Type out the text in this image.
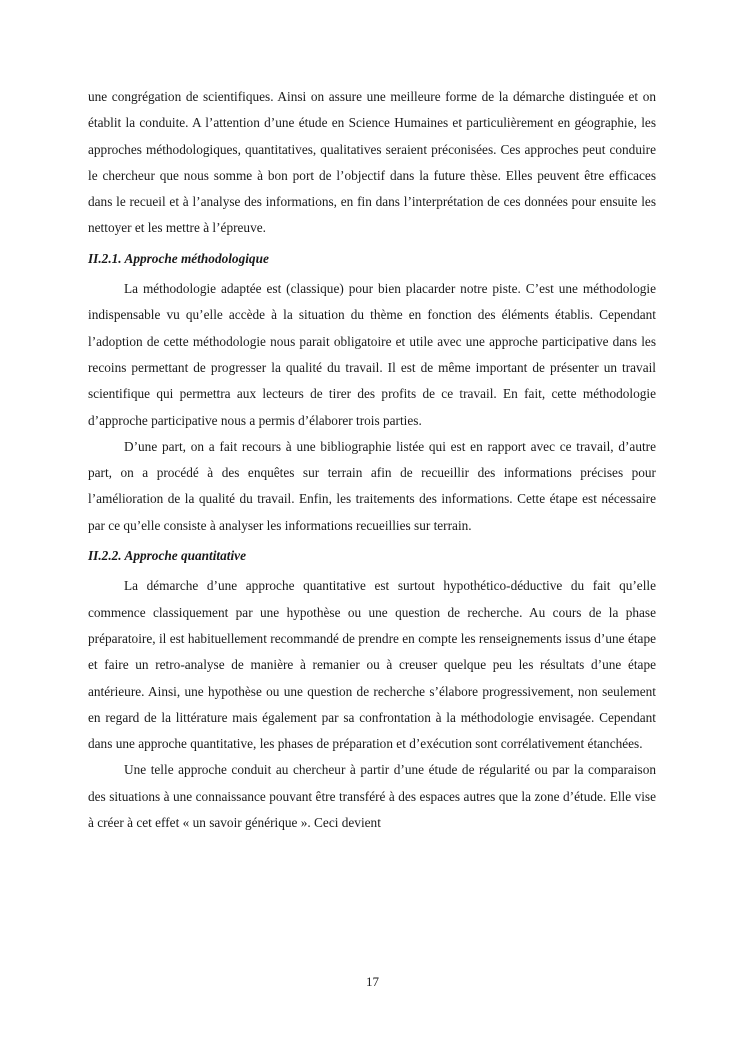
une congrégation de scientifiques. Ainsi on assure une meilleure forme de la démarche distinguée et on établit la conduite. A l’attention d’une étude en Science Humaines et particulièrement en géographie, les approches méthodologiques, quantitatives, qualitatives seraient préconisées. Ces approches peut conduire le chercheur que nous somme à bon port de l’objectif dans la future thèse. Elles peuvent être efficaces dans le recueil et à l’analyse des informations, en fin dans l’interprétation de ces données pour ensuite les nettoyer et les mettre à l’épreuve.

II.2.1. Approche méthodologique

La méthodologie adaptée est (classique) pour bien placarder notre piste. C’est une méthodologie indispensable vu qu’elle accède à la situation du thème en fonction des éléments établis. Cependant l’adoption de cette méthodologie nous parait obligatoire et utile avec une approche participative dans les recoins permettant de progresser la qualité du travail. Il est de même important de présenter un travail scientifique qui permettra aux lecteurs de tirer des profits de ce travail. En fait, cette méthodologie d’approche participative nous a permis d’élaborer trois parties.

D’une part, on a fait recours à une bibliographie listée qui est en rapport avec ce travail, d’autre part, on a procédé à des enquêtes sur terrain afin de recueillir des informations précises pour l’amélioration de la qualité du travail. Enfin, les traitements des informations. Cette étape est nécessaire par ce qu’elle consiste à analyser les informations recueillies sur terrain.

II.2.2. Approche quantitative

La démarche d’une approche quantitative est surtout hypothético-déductive du fait qu’elle commence classiquement par une hypothèse ou une question de recherche. Au cours de la phase préparatoire, il est habituellement recommandé de prendre en compte les renseignements issus d’une étape et faire un retro-analyse de manière à remanier ou à creuser quelque peu les résultats d’une étape antérieure. Ainsi, une hypothèse ou une question de recherche s’élabore progressivement, non seulement en regard de la littérature mais également par sa confrontation à la méthodologie envisagée. Cependant dans une approche quantitative, les phases de préparation et d’exécution sont corrélativement étanchées.

Une telle approche conduit au chercheur à partir d’une étude de régularité ou par la comparaison des situations à une connaissance pouvant être transféré à des espaces autres que la zone d’étude. Elle vise à créer à cet effet « un savoir générique ». Ceci devient

17
